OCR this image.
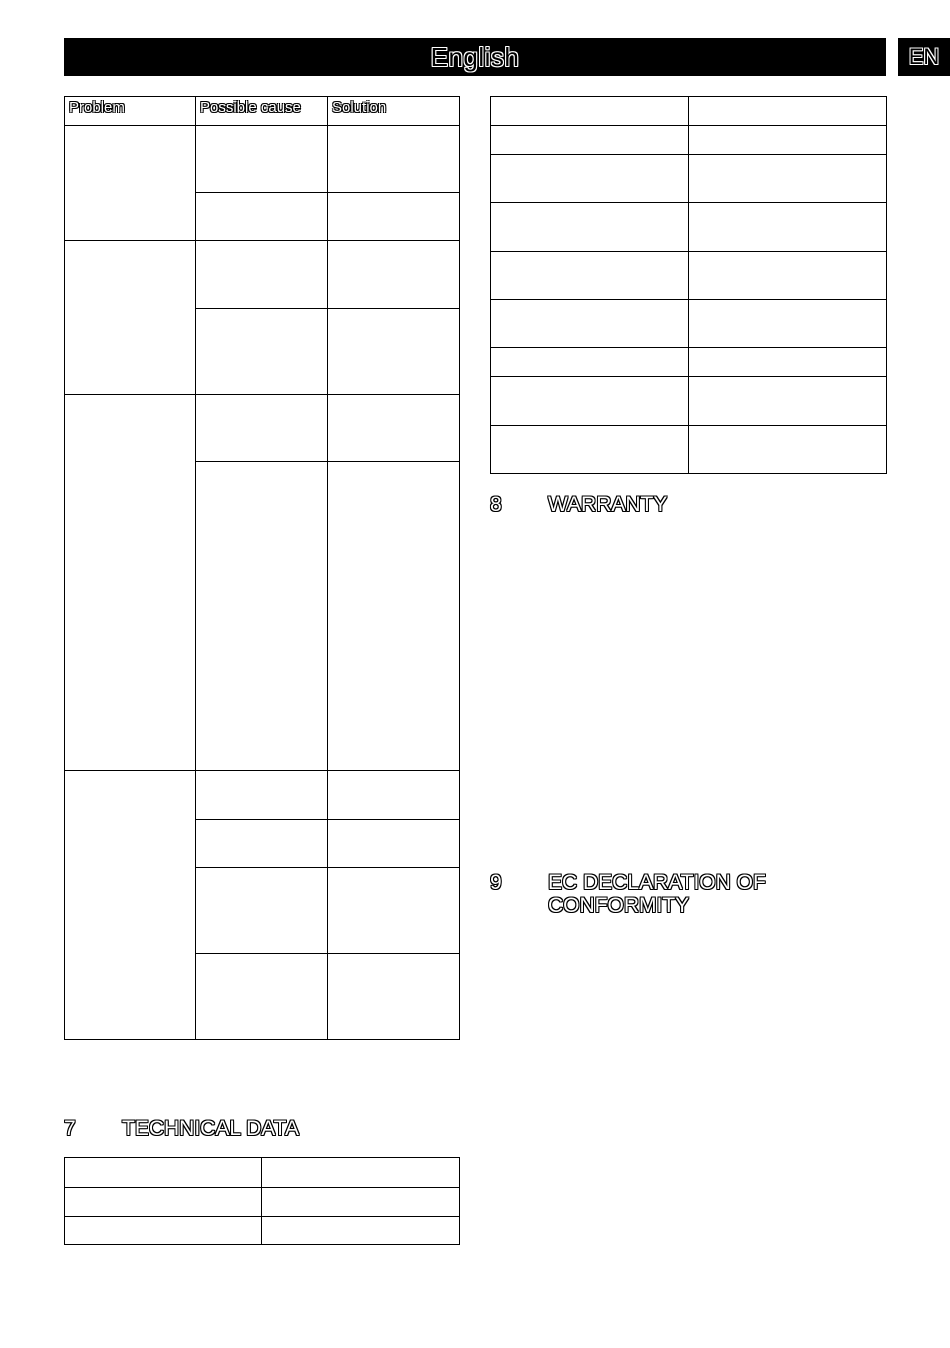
English	EN
Problem	Possible cause	Solution

7	TECHNICAL DATA

8	WARRANTY
9	EC DECLARATION OF
CONFORMITY
